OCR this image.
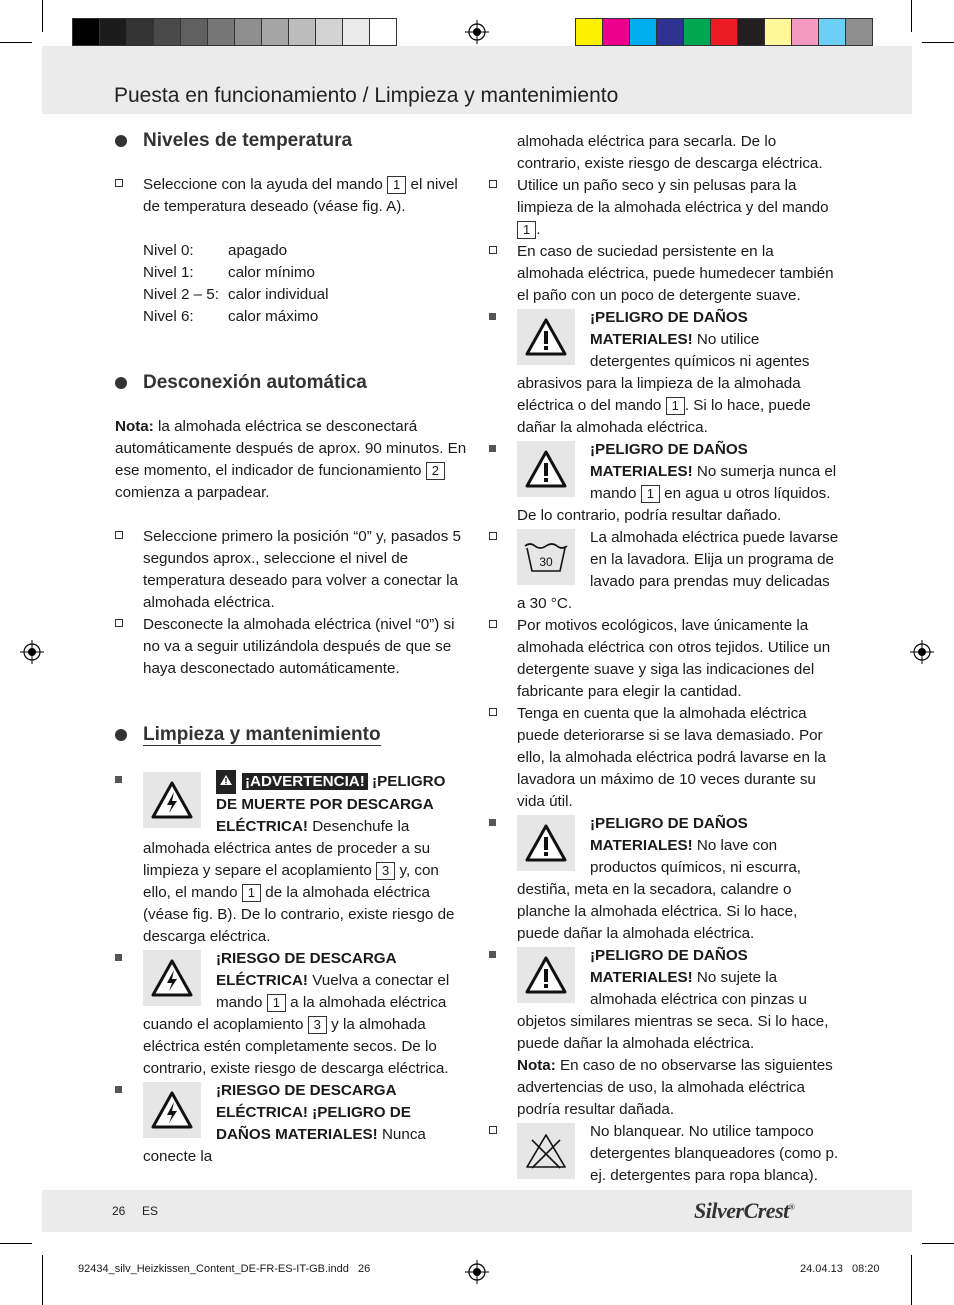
Puesta en funcionamiento / Limpieza y mantenimiento
Niveles de temperatura
Seleccione con la ayuda del mando 1 el nivel de temperatura deseado (véase fig. A).
Nivel 0:	apagado
Nivel 1:	calor mínimo
Nivel 2 – 5:	calor individual
Nivel 6:	calor máximo
Desconexión automática

Nota: la almohada eléctrica se desconectará automáticamente después de aprox. 90 minutos. En ese momento, el indicador de funcionamiento 2 comienza a parpadear.

Seleccione primero la posición “0” y, pasados 5 segundos aprox., seleccione el nivel de temperatura deseado para volver a conectar la almohada eléctrica.
Desconecte la almohada eléctrica (nivel “0”) si no va a seguir utilizándola después de que se haya desconectado automáticamente.
Limpieza y mantenimiento
¡ADVERTENCIA! ¡PELIGRO DE MUERTE POR DESCARGA ELÉCTRICA! Desenchufe la almohada eléctrica antes de proceder a su limpieza y separe el acoplamiento 3 y, con ello, el mando 1 de la almohada eléctrica (véase fig. B). De lo contrario, existe riesgo de descarga eléctrica.
¡RIESGO DE DESCARGA ELÉCTRICA! Vuelva a conectar el mando 1 a la almohada eléctrica cuando el acoplamiento 3 y la almohada eléctrica estén completamente secos. De lo contrario, existe riesgo de descarga eléctrica.
¡RIESGO DE DESCARGA ELÉCTRICA! ¡PELIGRO DE DAÑOS MATERIALES! Nunca conecte la

almohada eléctrica para secarla. De lo contrario, existe riesgo de descarga eléctrica.

Utilice un paño seco y sin pelusas para la limpieza de la almohada eléctrica y del mando 1 .
En caso de suciedad persistente en la almohada eléctrica, puede humedecer también el paño con un poco de detergente suave.
¡PELIGRO DE DAÑOS MATERIALES! No utilice detergentes químicos ni agentes abrasivos para la limpieza de la almohada eléctrica o del mando 1 . Si lo hace, puede dañar la almohada eléctrica.
¡PELIGRO DE DAÑOS MATERIALES! No sumerja nunca el mando 1 en agua u otros líquidos. De lo contrario, podría resultar dañado.
30
La almohada eléctrica puede lavarse en la lavadora. Elija un programa de lavado para prendas muy delicadas a 30 °C.
Por motivos ecológicos, lave únicamente la almohada eléctrica con otros tejidos. Utilice un detergente suave y siga las indicaciones del fabricante para elegir la cantidad.
Tenga en cuenta que la almohada eléctrica puede deteriorarse si se lava demasiado. Por ello, la almohada eléctrica podrá lavarse en la lavadora un máximo de 10 veces durante su vida útil.
¡PELIGRO DE DAÑOS MATERIALES! No lave con productos químicos, ni escurra, destiña, meta en la secadora, calandre o planche la almohada eléctrica. Si lo hace, puede dañar la almohada eléctrica.
¡PELIGRO DE DAÑOS MATERIALES! No sujete la almohada eléctrica con pinzas u objetos similares mientras se seca. Si lo hace, puede dañar la almohada eléctrica.

Nota: En caso de no observarse las siguientes advertencias de uso, la almohada eléctrica podría resultar dañada.

No blanquear. No utilice tampoco detergentes blanqueadores (como p. ej. detergentes para ropa blanca).
26 ES	SilverCrest®
92434_silv_Heizkissen_Content_DE-FR-ES-IT-GB.indd 26	24.04.13 08:20
